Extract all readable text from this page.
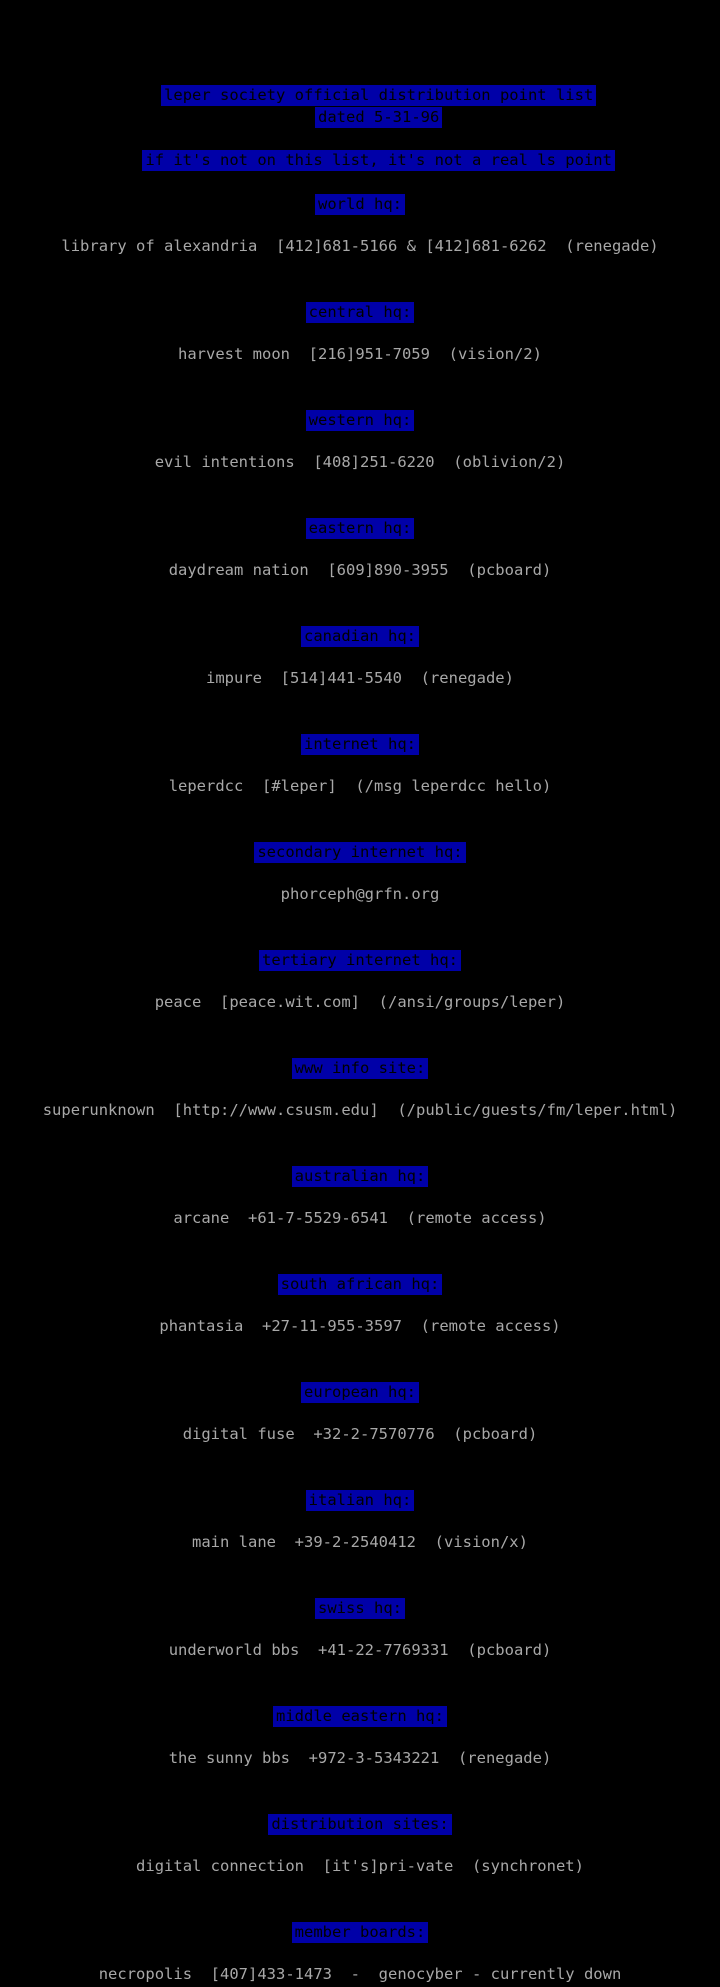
leper society official distribution point list

dated 5-31-96

if it's not on this list, it's not a real ls point

world hq:
library of alexandria  [412]681-5166 & [412]681-6262  (renegade)
central hq:
harvest moon  [216]951-7059  (vision/2)
western hq:
evil intentions  [408]251-6220  (oblivion/2)
eastern hq:
daydream nation  [609]890-3955  (pcboard)
canadian hq:
impure  [514]441-5540  (renegade)
internet hq:
leperdcc  [#leper]  (/msg leperdcc hello)
secondary internet hq:
phorceph@grfn.org
tertiary internet hq:
peace  [peace.wit.com]  (/ansi/groups/leper)
www info site:
superunknown  [http://www.csusm.edu]  (/public/guests/fm/leper.html)
australian hq:
arcane  +61-7-5529-6541  (remote access)
south african hq:
phantasia  +27-11-955-3597  (remote access)
european hq:
digital fuse  +32-2-7570776  (pcboard)
italian hq:
main lane  +39-2-2540412  (vision/x)
swiss hq:
underworld bbs  +41-22-7769331  (pcboard)
middle eastern hq:
the sunny bbs  +972-3-5343221  (renegade)
distribution sites:
digital connection  [it's]pri-vate  (synchronet)
member boards:
necropolis  [407]433-1473  -  genocyber - currently down
